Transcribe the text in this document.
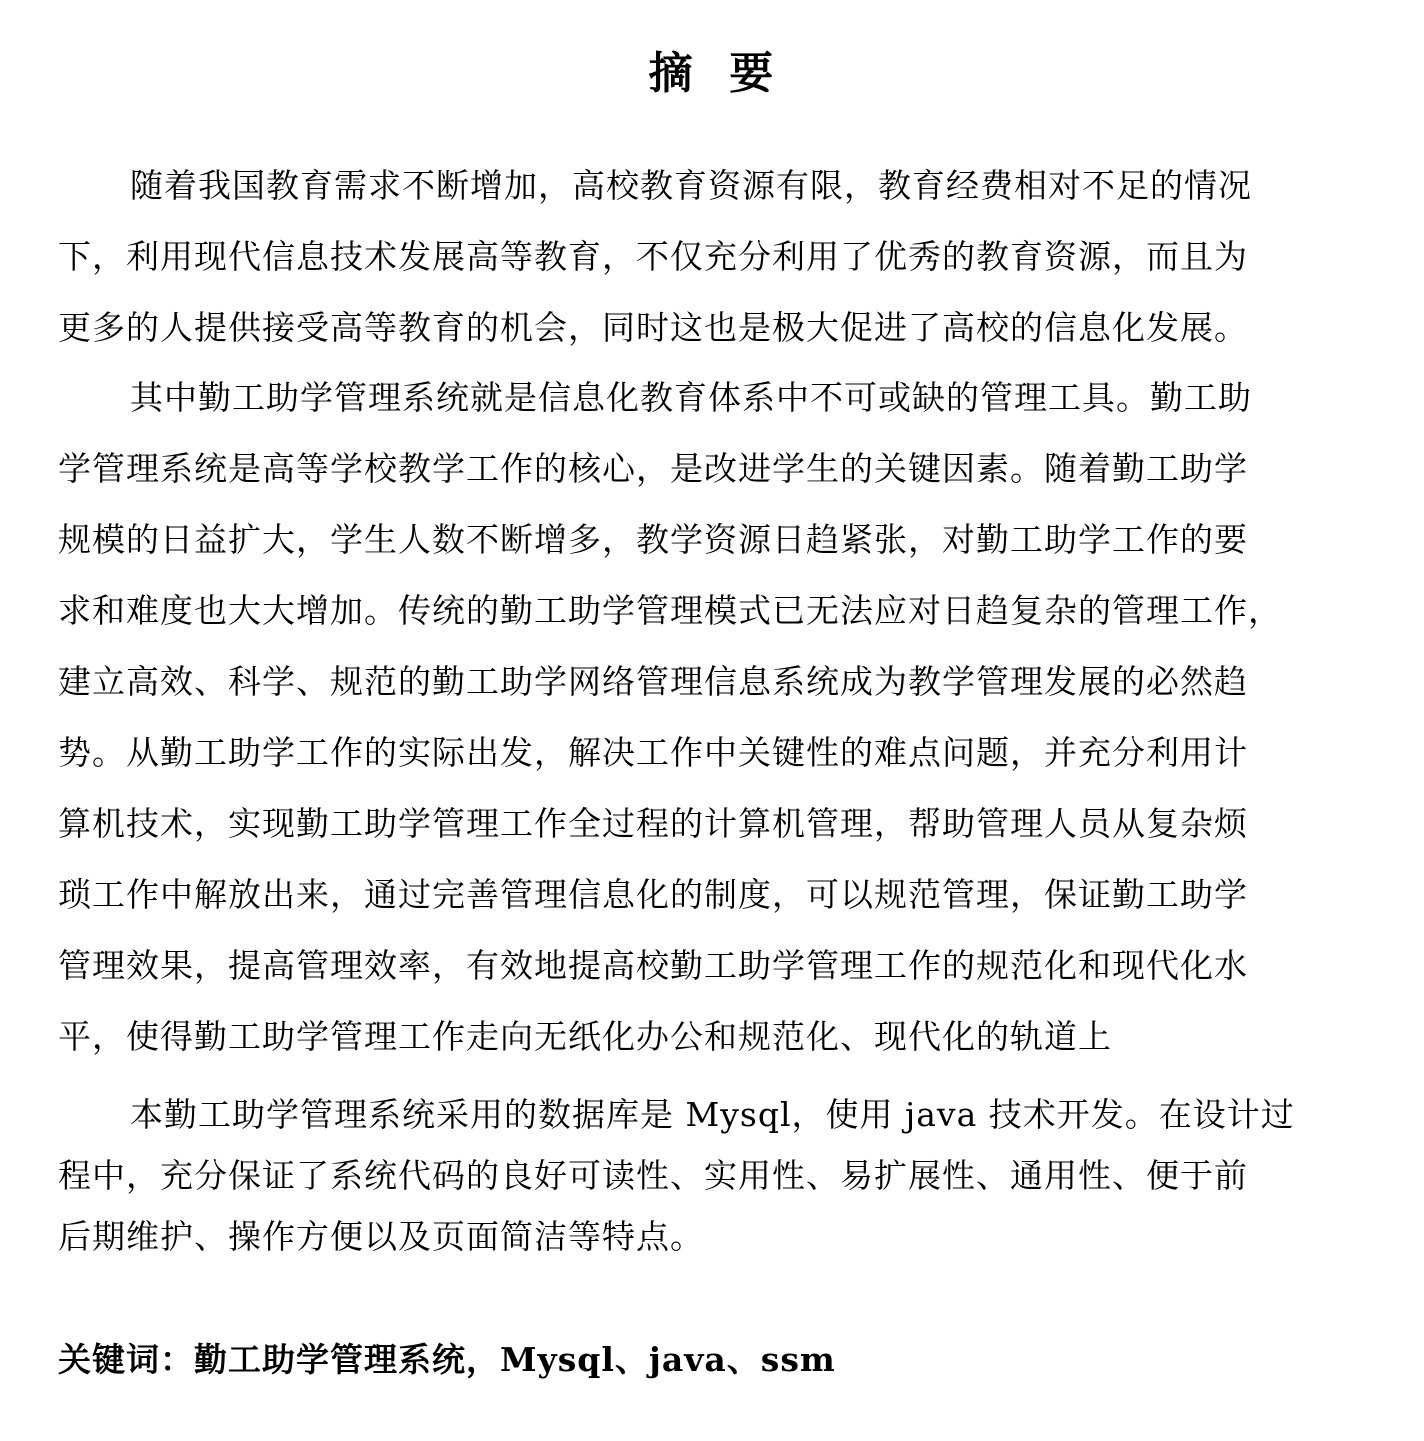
摘  要

随着我国教育需求不断增加，高校教育资源有限，教育经费相对不足的情况
下，利用现代信息技术发展高等教育，不仅充分利用了优秀的教育资源，而且为
更多的人提供接受高等教育的机会，同时这也是极大促进了高校的信息化发展。

其中勤工助学管理系统就是信息化教育体系中不可或缺的管理工具。勤工助
学管理系统是高等学校教学工作的核心，是改进学生的关键因素。随着勤工助学
规模的日益扩大，学生人数不断增多，教学资源日趋紧张，对勤工助学工作的要
求和难度也大大增加。传统的勤工助学管理模式已无法应对日趋复杂的管理工作，
建立高效、科学、规范的勤工助学网络管理信息系统成为教学管理发展的必然趋
势。从勤工助学工作的实际出发，解决工作中关键性的难点问题，并充分利用计
算机技术，实现勤工助学管理工作全过程的计算机管理，帮助管理人员从复杂烦
琐工作中解放出来，通过完善管理信息化的制度，可以规范管理，保证勤工助学
管理效果，提高管理效率，有效地提高校勤工助学管理工作的规范化和现代化水
平，使得勤工助学管理工作走向无纸化办公和规范化、现代化的轨道上

本勤工助学管理系统采用的数据库是 Mysql，使用 java 技术开发。在设计过
程中，充分保证了系统代码的良好可读性、实用性、易扩展性、通用性、便于前
后期维护、操作方便以及页面简洁等特点。

关键词：勤工助学管理系统，Mysql、java、ssm
